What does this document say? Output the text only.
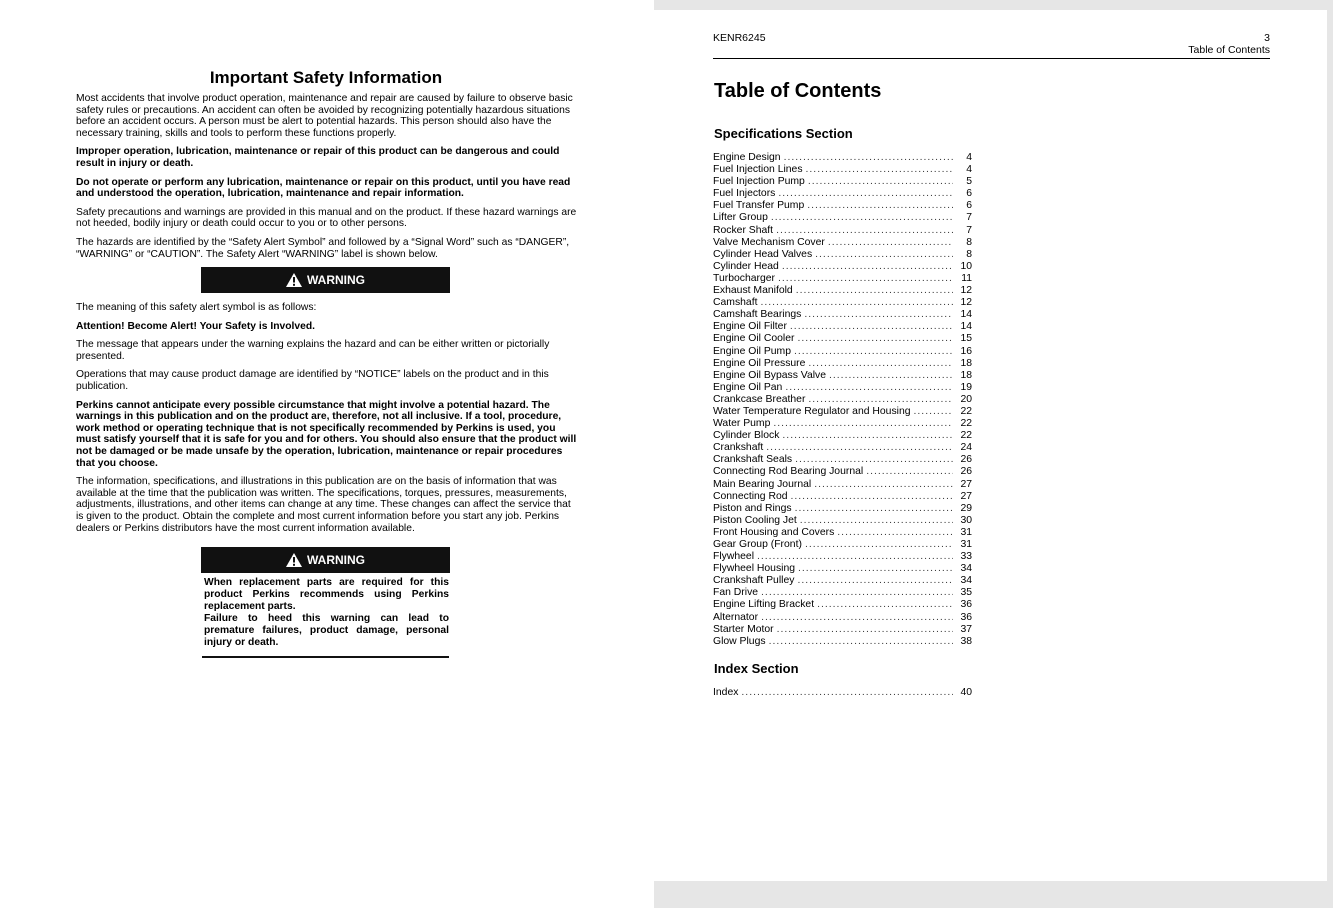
Important Safety Information

Most accidents that involve product operation, maintenance and repair are caused by failure to observe basic safety rules or precautions. An accident can often be avoided by recognizing potentially hazardous situations before an accident occurs. A person must be alert to potential hazards. This person should also have the necessary training, skills and tools to perform these functions properly.

Improper operation, lubrication, maintenance or repair of this product can be dangerous and could result in injury or death.

Do not operate or perform any lubrication, maintenance or repair on this product, until you have read and understood the operation, lubrication, maintenance and repair information.

Safety precautions and warnings are provided in this manual and on the product. If these hazard warnings are not heeded, bodily injury or death could occur to you or to other persons.

The hazards are identified by the “Safety Alert Symbol” and followed by a “Signal Word” such as “DANGER”, “WARNING” or “CAUTION”. The Safety Alert “WARNING” label is shown below.

WARNING

The meaning of this safety alert symbol is as follows:

Attention! Become Alert! Your Safety is Involved.

The message that appears under the warning explains the hazard and can be either written or pictorially presented.

Operations that may cause product damage are identified by “NOTICE” labels on the product and in this publication.

Perkins cannot anticipate every possible circumstance that might involve a potential hazard. The warnings in this publication and on the product are, therefore, not all inclusive. If a tool, procedure, work method or operating technique that is not specifically recommended by Perkins is used, you must satisfy yourself that it is safe for you and for others. You should also ensure that the product will not be damaged or be made unsafe by the operation, lubrication, maintenance or repair procedures that you choose.

The information, specifications, and illustrations in this publication are on the basis of information that was available at the time that the publication was written. The specifications, torques, pressures, measurements, adjustments, illustrations, and other items can change at any time. These changes can affect the service that is given to the product. Obtain the complete and most current information before you start any job. Perkins dealers or Perkins distributors have the most current information available.

WARNING

When replacement parts are required for this product Perkins recommends using Perkins replacement parts.

Failure to heed this warning can lead to premature failures, product damage, personal injury or death.

KENR6245	3
Table of Contents
Table of Contents
Specifications Section
Engine Design .....	4
Fuel Injection Lines .....	4
Fuel Injection Pump .....	5
Fuel Injectors .....	6
Fuel Transfer Pump .....	6
Lifter Group .....	7
Rocker Shaft .....	7
Valve Mechanism Cover .....	8
Cylinder Head Valves .....	8
Cylinder Head .....	10
Turbocharger .....	11
Exhaust Manifold .....	12
Camshaft .....	12
Camshaft Bearings .....	14
Engine Oil Filter .....	14
Engine Oil Cooler .....	15
Engine Oil Pump .....	16
Engine Oil Pressure .....	18
Engine Oil Bypass Valve .....	18
Engine Oil Pan .....	19
Crankcase Breather .....	20
Water Temperature Regulator and Housing .....	22
Water Pump .....	22
Cylinder Block .....	22
Crankshaft .....	24
Crankshaft Seals .....	26
Connecting Rod Bearing Journal .....	26
Main Bearing Journal .....	27
Connecting Rod .....	27
Piston and Rings .....	29
Piston Cooling Jet .....	30
Front Housing and Covers .....	31
Gear Group (Front) .....	31
Flywheel .....	33
Flywheel Housing .....	34
Crankshaft Pulley .....	34
Fan Drive .....	35
Engine Lifting Bracket .....	36
Alternator .....	36
Starter Motor .....	37
Glow Plugs .....	38
Index Section
Index .....	40
